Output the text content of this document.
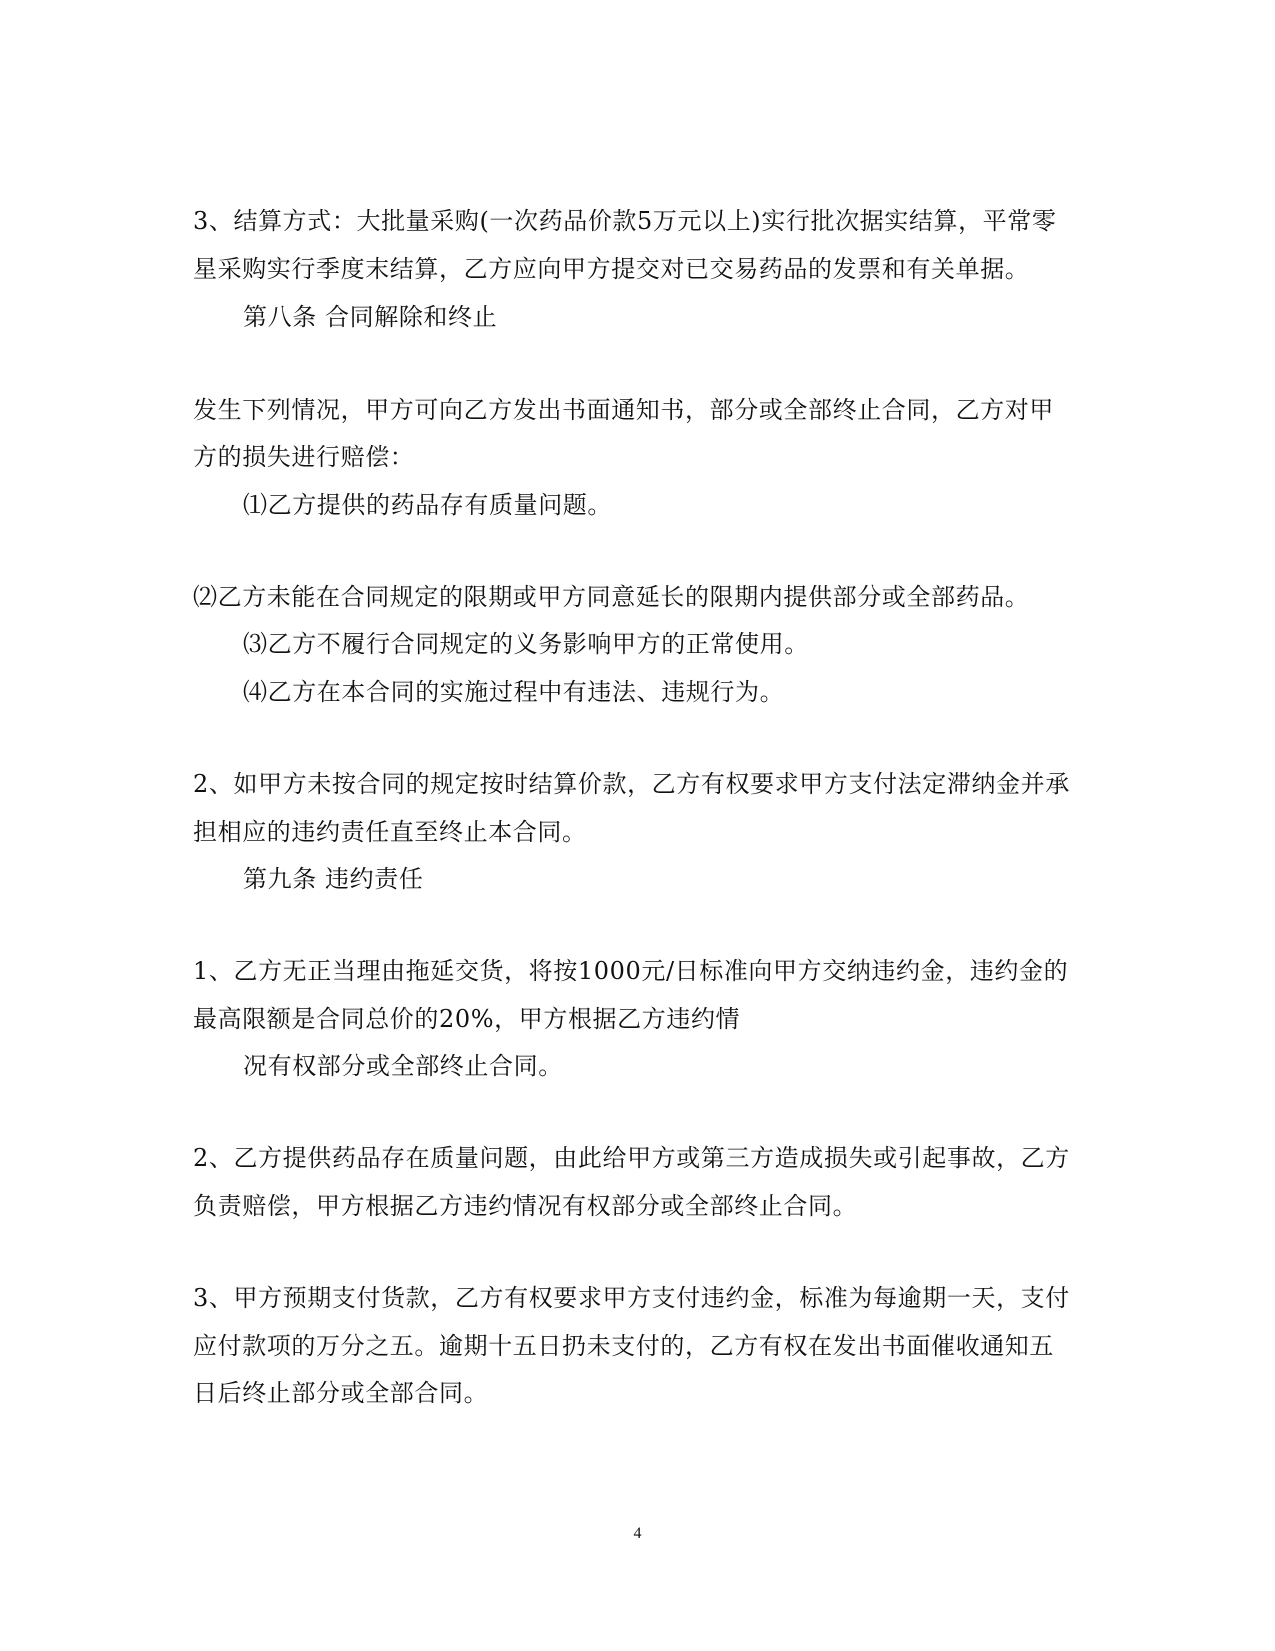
3、结算方式：大批量采购(一次药品价款5万元以上)实行批次据实结算，平常零
星采购实行季度末结算，乙方应向甲方提交对已交易药品的发票和有关单据。
第八条 合同解除和终止
发生下列情况，甲方可向乙方发出书面通知书，部分或全部终止合同，乙方对甲
方的损失进行赔偿：
⑴乙方提供的药品存有质量问题。
⑵乙方未能在合同规定的限期或甲方同意延长的限期内提供部分或全部药品。
⑶乙方不履行合同规定的义务影响甲方的正常使用。
⑷乙方在本合同的实施过程中有违法、违规行为。
2、如甲方未按合同的规定按时结算价款，乙方有权要求甲方支付法定滞纳金并承
担相应的违约责任直至终止本合同。
第九条 违约责任
1、乙方无正当理由拖延交货，将按1000元/日标准向甲方交纳违约金，违约金的
最高限额是合同总价的20%，甲方根据乙方违约情
况有权部分或全部终止合同。
2、乙方提供药品存在质量问题，由此给甲方或第三方造成损失或引起事故，乙方
负责赔偿，甲方根据乙方违约情况有权部分或全部终止合同。
3、甲方预期支付货款，乙方有权要求甲方支付违约金，标准为每逾期一天，支付
应付款项的万分之五。逾期十五日扔未支付的，乙方有权在发出书面催收通知五
日后终止部分或全部合同。
4
